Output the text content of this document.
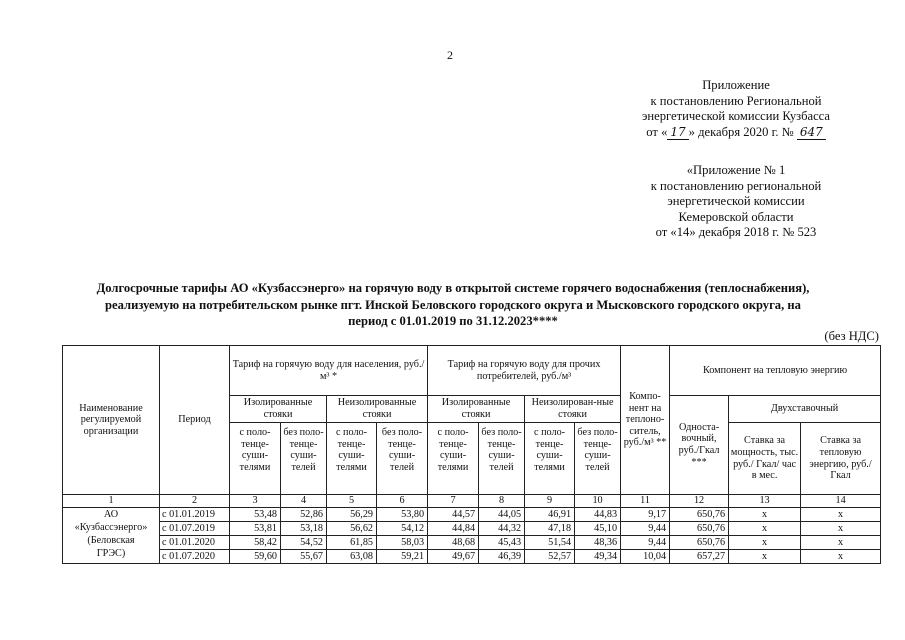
2
Приложение
к постановлению Региональной
энергетической комиссии Кузбасса
от « 17 » декабря 2020 г. № 647
«Приложение № 1
к постановлению региональной
энергетической комиссии
Кемеровской области
от «14» декабря 2018 г. № 523
Долгосрочные тарифы АО «Кузбассэнерго» на горячую воду в открытой системе горячего водоснабжения (теплоснабжения), реализуемую на потребительском рынке пгт. Инской Беловского городского округа и Мысковского городского округа, на период с 01.01.2019 по 31.12.2023****
(без НДС)
Наименование регулируемой организации	Период	Тариф на горячую воду для населения, руб./м³ *				Тариф на горячую воду для прочих потребителей, руб./м³				Компо-нент на теплоно-ситель, руб./м³ **	Компонент на тепловую энергию		
		Изолированные стояки		Неизолированные стояки		Изолированные стояки		Неизолирован-ные стояки			Односта-вочный, руб./Гкал ***	Двухставочный	
		с поло-тенце-суши-телями	без поло-тенце-суши-телей	с поло-тенце-суши-телями	без поло-тенце-суши-телей	с поло-тенце-суши-телями	без поло-тенце-суши-телей	с поло-тенце-суши-телями	без поло-тенце-суши-телей			Ставка за мощность, тыс. руб./ Гкал/ час в мес.	Ставка за тепловую энергию, руб./Гкал
1	2	3	4	5	6	7	8	9	10	11	12	13	14

АО
«Кузбассэнерго»
(Беловская
ГРЭС)	с 01.01.2019	53,48	52,86	56,29	53,80	44,57	44,05	46,91	44,83	9,17	650,76	x	x
	с 01.07.2019	53,81	53,18	56,62	54,12	44,84	44,32	47,18	45,10	9,44	650,76	x	x
	с 01.01.2020	58,42	54,52	61,85	58,03	48,68	45,43	51,54	48,36	9,44	650,76	x	x
	с 01.07.2020	59,60	55,67	63,08	59,21	49,67	46,39	52,57	49,34	10,04	657,27	x	x
